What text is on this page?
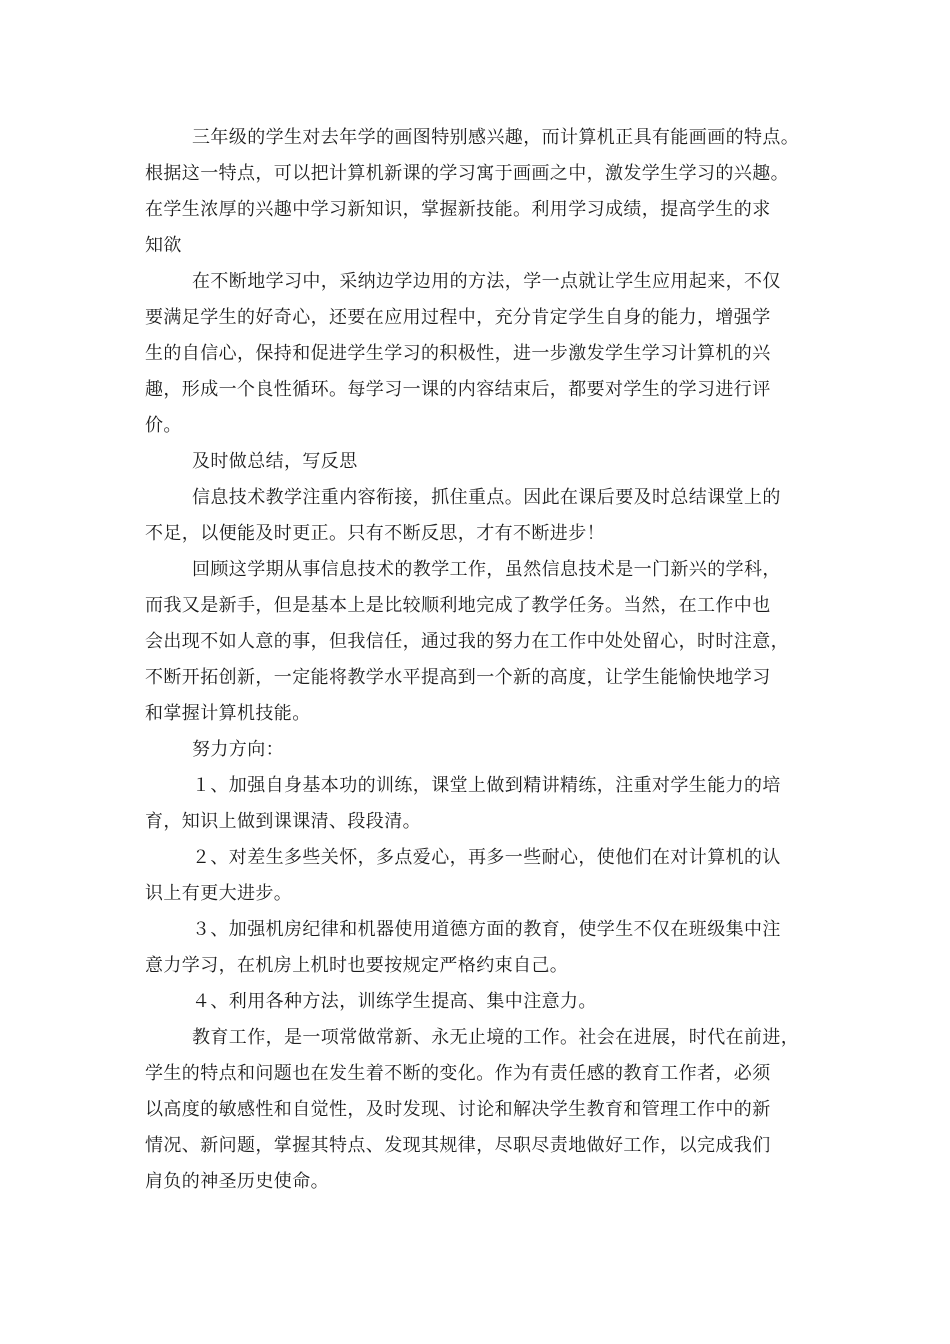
三年级的学生对去年学的画图特别感兴趣，而计算机正具有能画画的特点。
根据这一特点，可以把计算机新课的学习寓于画画之中，激发学生学习的兴趣。
在学生浓厚的兴趣中学习新知识，掌握新技能。利用学习成绩，提高学生的求
知欲
在不断地学习中，采纳边学边用的方法，学一点就让学生应用起来，不仅
要满足学生的好奇心，还要在应用过程中，充分肯定学生自身的能力，增强学
生的自信心，保持和促进学生学习的积极性，进一步激发学生学习计算机的兴
趣，形成一个良性循环。每学习一课的内容结束后，都要对学生的学习进行评
价。
及时做总结，写反思
信息技术教学注重内容衔接，抓住重点。因此在课后要及时总结课堂上的
不足，以便能及时更正。只有不断反思，才有不断进步！
回顾这学期从事信息技术的教学工作，虽然信息技术是一门新兴的学科，
而我又是新手，但是基本上是比较顺利地完成了教学任务。当然，在工作中也
会出现不如人意的事，但我信任，通过我的努力在工作中处处留心，时时注意，
不断开拓创新，一定能将教学水平提高到一个新的高度，让学生能愉快地学习
和掌握计算机技能。
努力方向：
１、加强自身基本功的训练，课堂上做到精讲精练，注重对学生能力的培
育，知识上做到课课清、段段清。
２、对差生多些关怀，多点爱心，再多一些耐心，使他们在对计算机的认
识上有更大进步。
３、加强机房纪律和机器使用道德方面的教育，使学生不仅在班级集中注
意力学习，在机房上机时也要按规定严格约束自己。
４、利用各种方法，训练学生提高、集中注意力。
教育工作，是一项常做常新、永无止境的工作。社会在进展，时代在前进，
学生的特点和问题也在发生着不断的变化。作为有责任感的教育工作者，必须
以高度的敏感性和自觉性，及时发现、讨论和解决学生教育和管理工作中的新
情况、新问题，掌握其特点、发现其规律，尽职尽责地做好工作，以完成我们
肩负的神圣历史使命。
